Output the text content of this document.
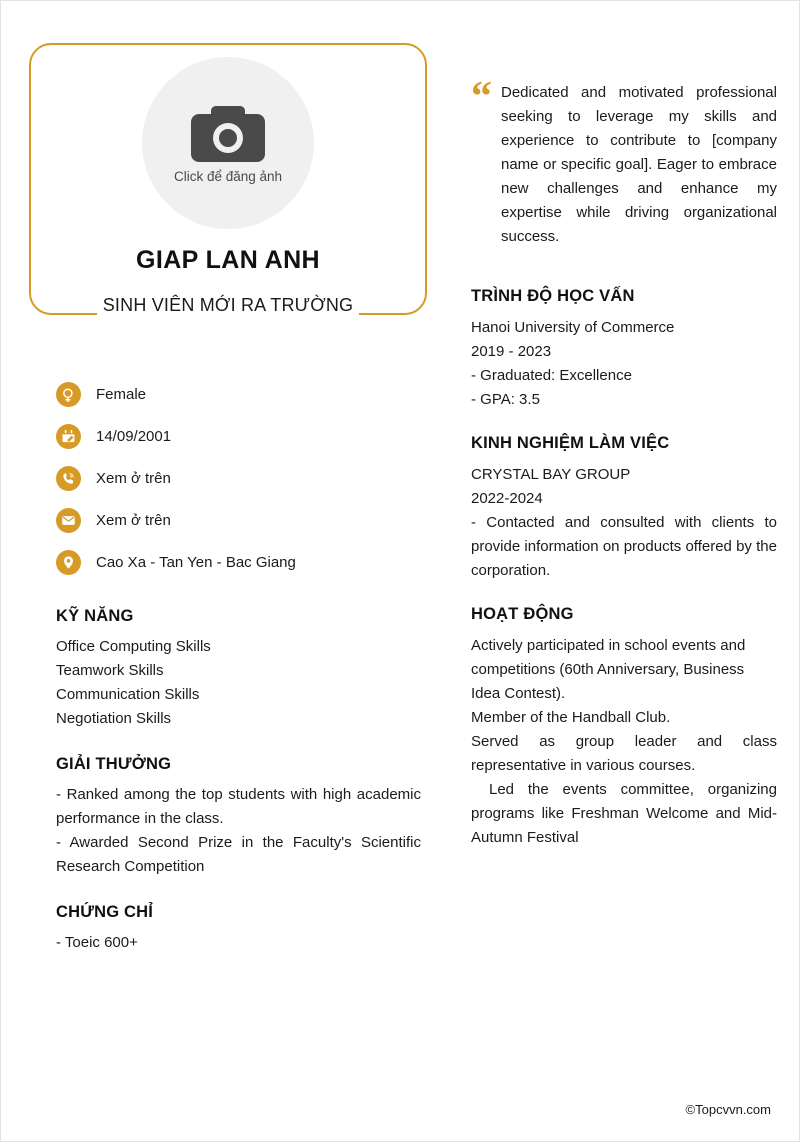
Click để đăng ảnh
GIAP LAN ANH
SINH VIÊN MỚI RA TRƯỜNG
Female
14/09/2001
Xem ở trên
Xem ở trên
Cao Xa - Tan Yen - Bac Giang
KỸ NĂNG
Office Computing Skills
Teamwork Skills
Communication Skills
Negotiation Skills
GIẢI THƯỞNG
- Ranked among the top students with high academic performance in the class.
- Awarded Second Prize in the Faculty's Scientific Research Competition
CHỨNG CHỈ
- Toeic 600+
“ Dedicated and motivated professional seeking to leverage my skills and experience to contribute to [company name or specific goal]. Eager to embrace new challenges and enhance my expertise while driving organizational success.
TRÌNH ĐỘ HỌC VẤN
Hanoi University of Commerce
2019 - 2023
- Graduated: Excellence
- GPA: 3.5
KINH NGHIỆM LÀM VIỆC
CRYSTAL BAY GROUP
2022-2024
- Contacted and consulted with clients to provide information on products offered by the corporation.
HOẠT ĐỘNG
Actively participated in school events and competitions (60th Anniversary, Business Idea Contest).
Member of the Handball Club.
Served as group leader and class representative in various courses.
Led the events committee, organizing programs like Freshman Welcome and Mid-Autumn Festival
©Topcvvn.com
